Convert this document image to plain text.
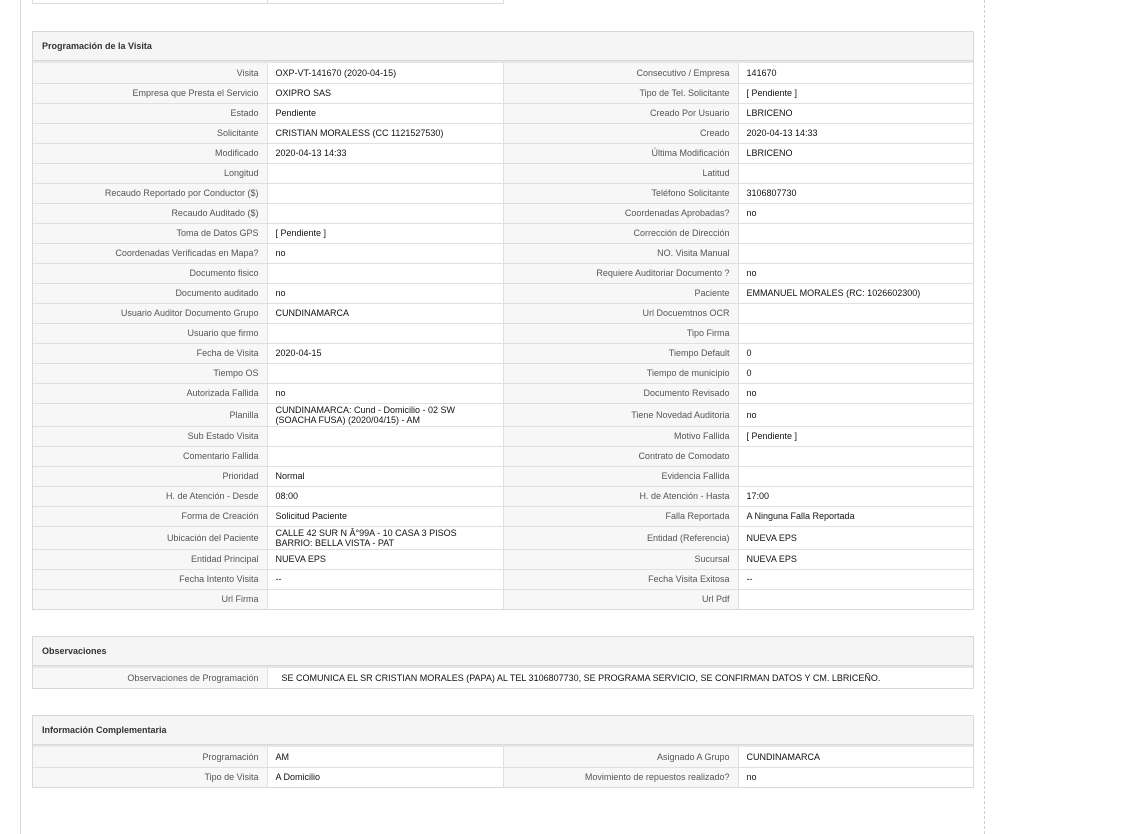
Programación de la Visita
Visita	OXP-VT-141670 (2020-04-15)	Consecutivo / Empresa	141670
Empresa que Presta el Servicio	OXIPRO SAS	Tipo de Tel. Solicitante	[ Pendiente ]
Estado	Pendiente	Creado Por Usuario	LBRICENO
Solicitante	CRISTIAN MORALESS (CC 1121527530)	Creado	2020-04-13 14:33
Modificado	2020-04-13 14:33	Última Modificación	LBRICENO
Longitud		Latitud	
Recaudo Reportado por Conductor ($)		Teléfono Solicitante	3106807730
Recaudo Auditado ($)		Coordenadas Aprobadas?	no
Toma de Datos GPS	[ Pendiente ]	Corrección de Dirección	
Coordenadas Verificadas en Mapa?	no	NO. Visita Manual	
Documento fisico		Requiere Auditoriar Documento ?	no
Documento auditado	no	Paciente	EMMANUEL MORALES (RC: 1026602300)
Usuario Auditor Documento Grupo	CUNDINAMARCA	Url Docuemtnos OCR	
Usuario que firmo		Tipo Firma	
Fecha de Visita	2020-04-15	Tiempo Default	0
Tiempo OS		Tiempo de municipio	0
Autorizada Fallida	no	Documento Revisado	no
Planilla	CUNDINAMARCA: Cund - Domicilio - 02 SW (SOACHA FUSA) (2020/04/15) - AM	Tiene Novedad Auditoria	no
Sub Estado Visita		Motivo Fallida	[ Pendiente ]
Comentario Fallida		Contrato de Comodato	
Prioridad	Normal	Evidencia Fallida	
H. de Atención - Desde	08:00	H. de Atención - Hasta	17:00
Forma de Creación	Solicitud Paciente	Falla Reportada	A Ninguna Falla Reportada
Ubicación del Paciente	CALLE 42 SUR N Â°99A - 10 CASA 3 PISOS BARRIO: BELLA VISTA - PAT	Entidad (Referencia)	NUEVA EPS
Entidad Principal	NUEVA EPS	Sucursal	NUEVA EPS
Fecha Intento Visita	--	Fecha Visita Exitosa	--
Url Firma		Url Pdf	
Observaciones
Observaciones de Programación	SE COMUNICA EL SR CRISTIAN MORALES (PAPA) AL TEL 3106807730, SE PROGRAMA SERVICIO, SE CONFIRMAN DATOS Y CM. LBRICEÑO.
Información Complementaria
Programación	AM	Asignado A Grupo	CUNDINAMARCA
Tipo de Visita	A Domicilio	Movimiento de repuestos realizado?	no
